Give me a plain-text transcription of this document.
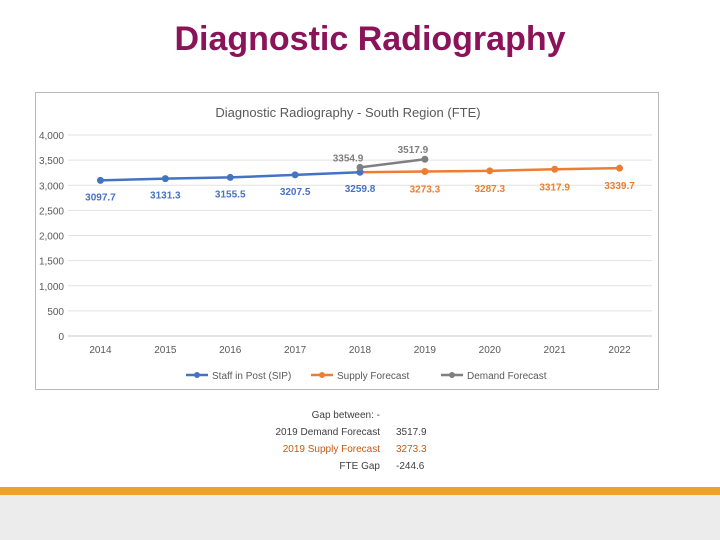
Diagnostic Radiography
Diagnostic Radiography - South Region (FTE)
0
500
1,000
1,500
2,000
2,500
3,000
3,500
4,000
2014	2015	2016	2017	2018	2019	2020	2021	2022
3273.3	3287.3	3317.9	3339.7
3097.7	3131.3	3155.5	3207.5	3259.8
3354.9
3517.9
Staff in Post (SIP)	Supply Forecast	Demand Forecast
Gap between: -
2019 Demand Forecast 3517.9
2019 Supply Forecast 3273.3
FTE Gap -244.6
